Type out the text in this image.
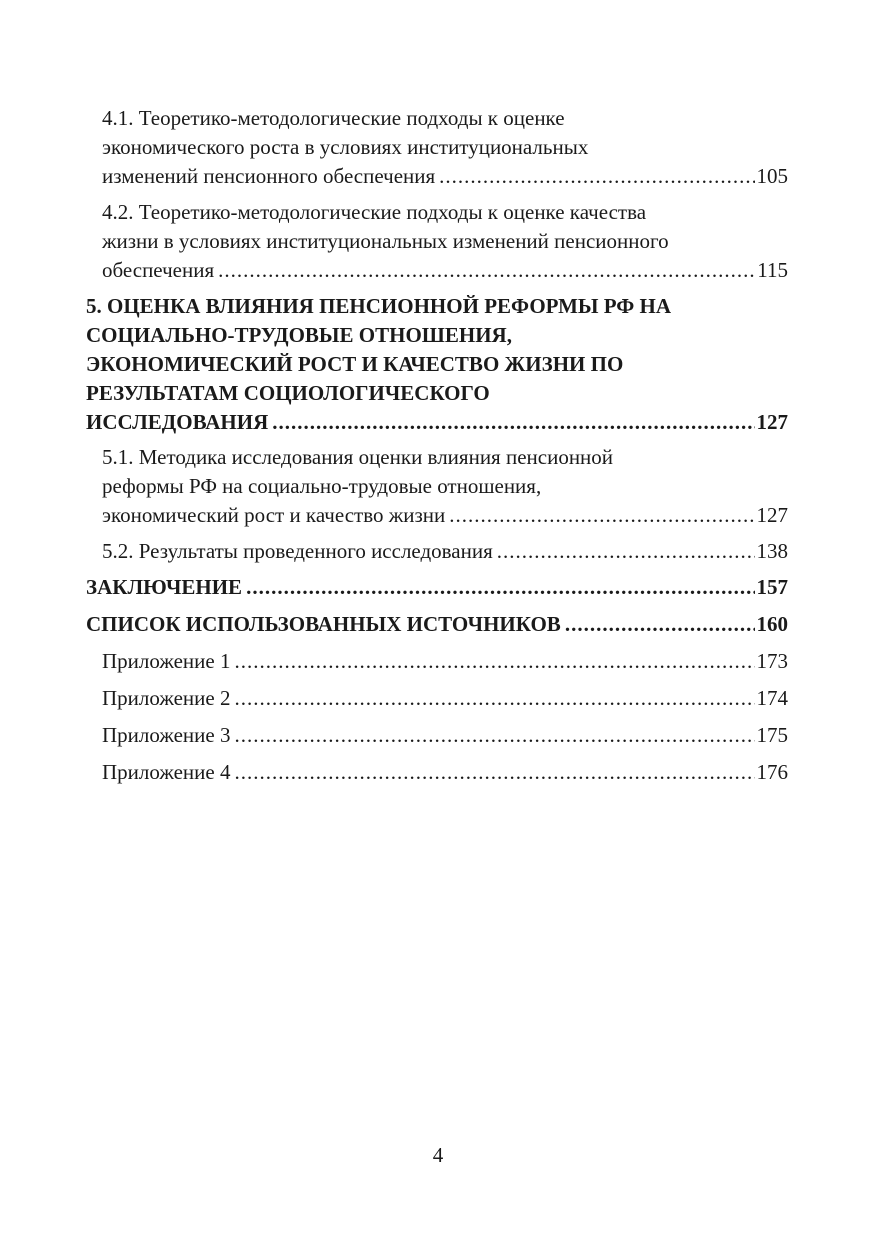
4.1. Теоретико-методологические подходы к оценке
экономического роста в условиях институциональных
изменений пенсионного обеспечения .....	105
4.2. Теоретико-методологические подходы к оценке качества
жизни в условиях институциональных изменений пенсионного
обеспечения .....	115
5. ОЦЕНКА ВЛИЯНИЯ ПЕНСИОННОЙ РЕФОРМЫ РФ НА
СОЦИАЛЬНО-ТРУДОВЫЕ ОТНОШЕНИЯ,
ЭКОНОМИЧЕСКИЙ РОСТ И КАЧЕСТВО ЖИЗНИ ПО
РЕЗУЛЬТАТАМ СОЦИОЛОГИЧЕСКОГО
ИССЛЕДОВАНИЯ .....	127
5.1. Методика исследования оценки влияния пенсионной
реформы РФ на социально-трудовые отношения,
экономический рост и качество жизни .....	127
5.2. Результаты проведенного исследования .....	138
ЗАКЛЮЧЕНИЕ .....	157
СПИСОК ИСПОЛЬЗОВАННЫХ ИСТОЧНИКОВ .....	160
Приложение 1 .....	173
Приложение 2 .....	174
Приложение 3 .....	175
Приложение 4 .....	176
4
